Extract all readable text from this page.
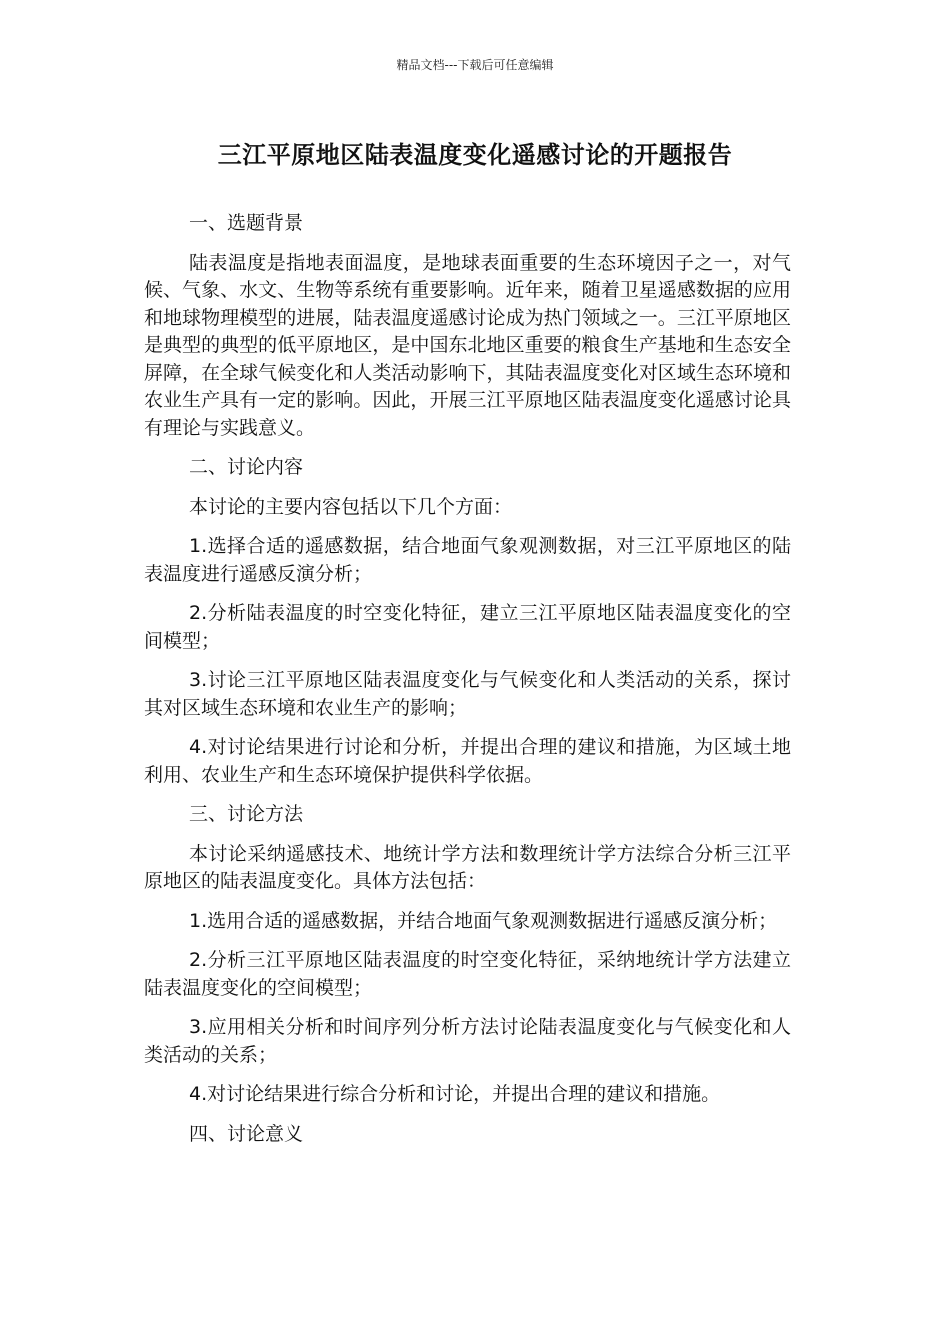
精品文档---下载后可任意编辑
三江平原地区陆表温度变化遥感讨论的开题报告

一、选题背景

陆表温度是指地表面温度，是地球表面重要的生态环境因子之一，对气候、气象、水文、生物等系统有重要影响。近年来，随着卫星遥感数据的应用和地球物理模型的进展，陆表温度遥感讨论成为热门领域之一。三江平原地区是典型的典型的低平原地区，是中国东北地区重要的粮食生产基地和生态安全屏障，在全球气候变化和人类活动影响下，其陆表温度变化对区域生态环境和农业生产具有一定的影响。因此，开展三江平原地区陆表温度变化遥感讨论具有理论与实践意义。

二、讨论内容

本讨论的主要内容包括以下几个方面：

1.选择合适的遥感数据，结合地面气象观测数据，对三江平原地区的陆表温度进行遥感反演分析；

2.分析陆表温度的时空变化特征，建立三江平原地区陆表温度变化的空间模型；

3.讨论三江平原地区陆表温度变化与气候变化和人类活动的关系，探讨其对区域生态环境和农业生产的影响；

4.对讨论结果进行讨论和分析，并提出合理的建议和措施，为区域土地利用、农业生产和生态环境保护提供科学依据。

三、讨论方法

本讨论采纳遥感技术、地统计学方法和数理统计学方法综合分析三江平原地区的陆表温度变化。具体方法包括：

1.选用合适的遥感数据，并结合地面气象观测数据进行遥感反演分析；

2.分析三江平原地区陆表温度的时空变化特征，采纳地统计学方法建立陆表温度变化的空间模型；

3.应用相关分析和时间序列分析方法讨论陆表温度变化与气候变化和人类活动的关系；

4.对讨论结果进行综合分析和讨论，并提出合理的建议和措施。

四、讨论意义
